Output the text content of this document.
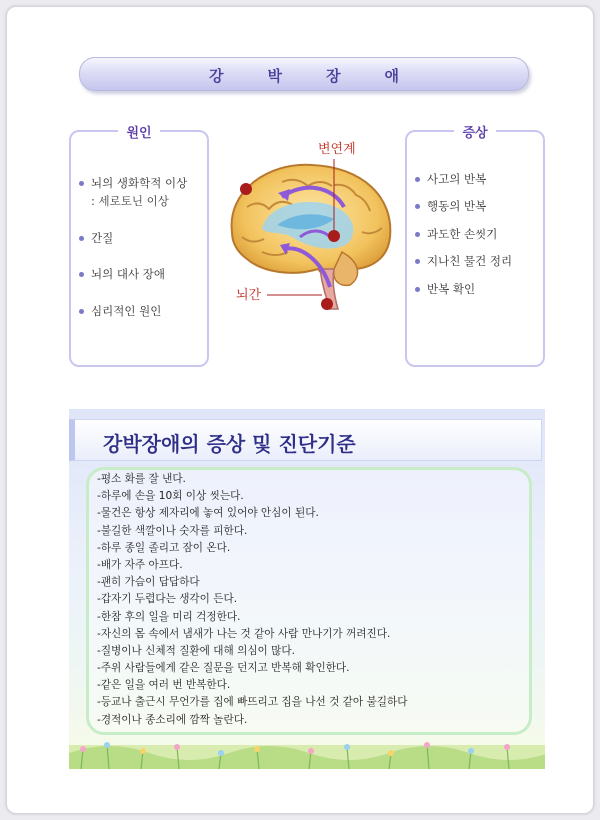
강박장애
원인
뇌의 생화학적 이상
: 세로토닌 이상
간질
뇌의 대사 장애
심리적인 원인
변연계
뇌간
증상
사고의 반복
행동의 반복
과도한 손씻기
지나친 물건 정리
반복 확인
강박장애의 증상 및 진단기준
-평소 화를 잘 낸다.
-하루에 손을 10회 이상 씻는다.
-물건은 항상 제자리에 놓여 있어야 안심이 된다.
-불길한 색깔이나 숫자를 피한다.
-하루 종일 졸리고 잠이 온다.
-배가 자주 아프다.
-괜히 가슴이 답답하다
-갑자기 두렵다는 생각이 든다.
-한참 후의 일을 미리 걱정한다.
-자신의 몸 속에서 냄새가 나는 것 같아 사람 만나기가 꺼려진다.
-질병이나 신체적 질환에 대해 의심이 많다.
-주위 사람들에게 같은 질문을 던지고 반복해 확인한다.
-같은 일을 여러 번 반복한다.
-등교나 출근시 무언가를 집에 빠뜨리고 집을 나선 것 같아 불길하다
-경적이나 종소리에 깜짝 놀란다.
